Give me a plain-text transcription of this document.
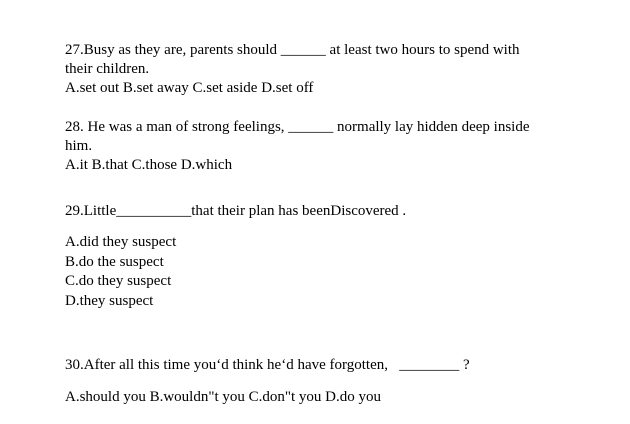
27.Busy as they are, parents should ______ at least two hours to spend with
their children.
A.set out B.set away C.set aside D.set off
28. He was a man of strong feelings, ______ normally lay hidden deep inside
him.
A.it B.that C.those D.which
29.Little__________that their plan has beenDiscovered .
A.did they suspect
B.do the suspect
C.do they suspect
D.they suspect
30.After all this time you‘d think he‘d have forgotten,   ________ ?
A.should you B.wouldn"t you C.don"t you D.do you
